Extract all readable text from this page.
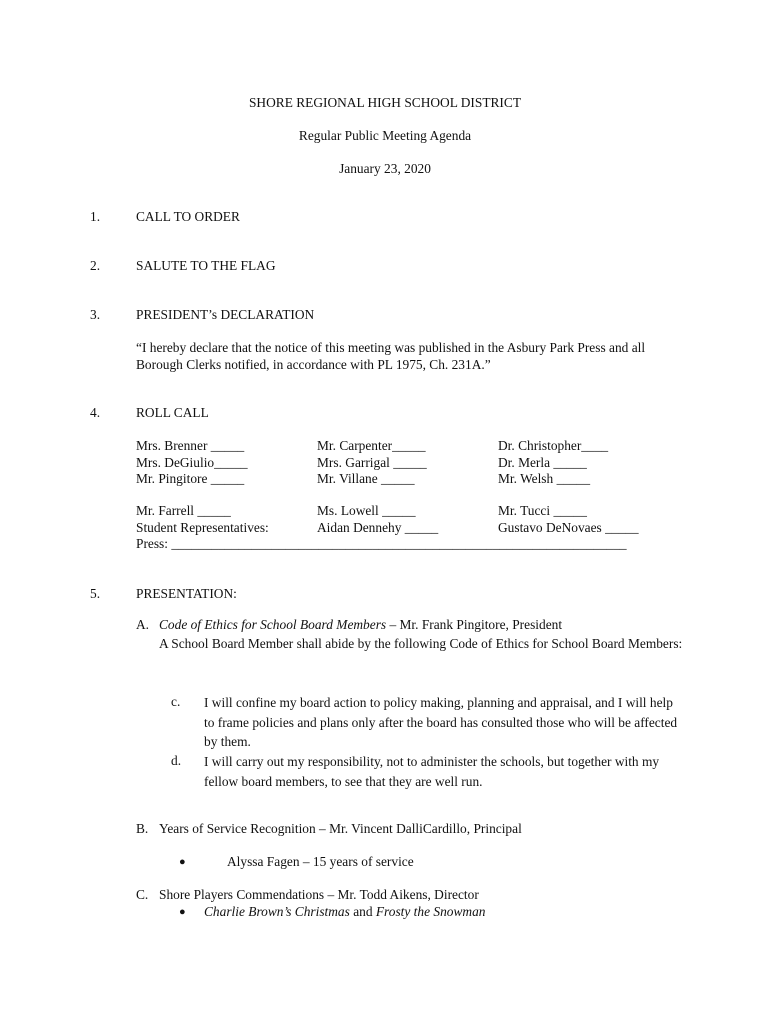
SHORE REGIONAL HIGH SCHOOL DISTRICT
Regular Public Meeting Agenda
January 23, 2020
1.	CALL TO ORDER
2.	SALUTE TO THE FLAG
3.	PRESIDENT’s DECLARATION
“I hereby declare that the notice of this meeting was published in the Asbury Park Press and all Borough Clerks notified, in accordance with PL 1975, Ch. 231A.”
4.	ROLL CALL
Mrs. Brenner _____	Mr. Carpenter_____	Dr. Christopher____
Mrs. DeGiulio_____	Mrs. Garrigal _____	Dr. Merla _____
Mr. Pingitore _____	Mr. Villane _____	Mr. Welsh _____
Mr. Farrell _____	Ms. Lowell _____	Mr. Tucci _____
Student Representatives:	Aidan Dennehy _____	Gustavo DeNovaes _____
Press: ____________________________________________________________________
5.	PRESENTATION:
A. Code of Ethics for School Board Members – Mr. Frank Pingitore, President
A School Board Member shall abide by the following Code of Ethics for School Board Members:
c. I will confine my board action to policy making, planning and appraisal, and I will help to frame policies and plans only after the board has consulted those who will be affected by them.
d. I will carry out my responsibility, not to administer the schools, but together with my fellow board members, to see that they are well run.
B. Years of Service Recognition – Mr. Vincent DalliCardillo, Principal
●	Alyssa Fagen – 15 years of service
C. Shore Players Commendations – Mr. Todd Aikens, Director
● Charlie Brown’s Christmas and Frosty the Snowman
